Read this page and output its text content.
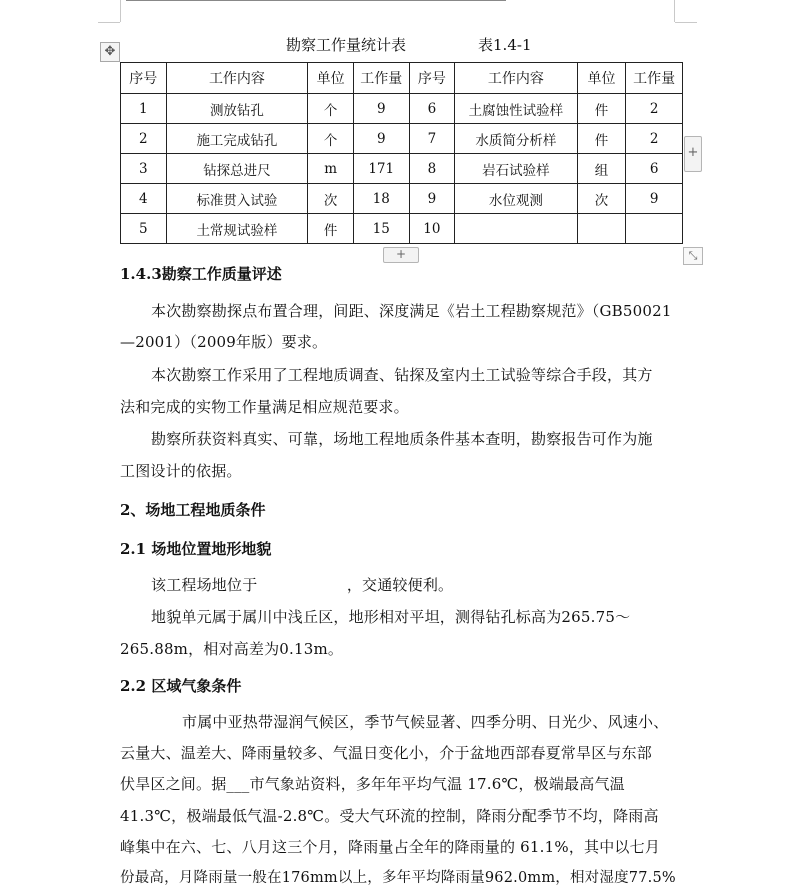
✥	勘察工作量统计表	表1.4-1
序号	工作内容	单位	工作量	序号	工作内容	单位	工作量
1	测放钻孔	个	9	6	土腐蚀性试验样	件	2
2	施工完成钻孔	个	9	7	水质简分析样	件	2
3	钻探总进尺	m	171	8	岩石试验样	组	6
4	标准贯入试验	次	18	9	水位观测	次	9
5	土常规试验样	件	15	10			
+
+	⤡
1.4.3勘察工作质量评述
本次勘察勘探点布置合理，间距、深度满足《岩土工程勘察规范》（GB50021
—2001）（2009年版）要求。
本次勘察工作采用了工程地质调查、钻探及室内土工试验等综合手段，其方
法和完成的实物工作量满足相应规范要求。
勘察所获资料真实、可靠，场地工程地质条件基本查明，勘察报告可作为施
工图设计的依据。
2、场地工程地质条件
2.1 场地位置地形地貌
该工程场地位于                  ，交通较便利。
地貌单元属于属川中浅丘区，地形相对平坦，测得钻孔标高为265.75～
265.88m，相对高差为0.13m。
2.2 区域气象条件
市属中亚热带湿润气候区，季节气候显著、四季分明、日光少、风速小、
云量大、温差大、降雨量较多、气温日变化小，介于盆地西部春夏常旱区与东部
伏旱区之间。据___市气象站资料，多年年平均气温 17.6℃，极端最高气温
41.3℃，极端最低气温-2.8℃。受大气环流的控制，降雨分配季节不均，降雨高
峰集中在六、七、八月这三个月，降雨量占全年的降雨量的 61.1%，其中以七月
份最高，月降雨量一般在176mm以上，多年平均降雨量962.0mm，相对湿度77.5%
